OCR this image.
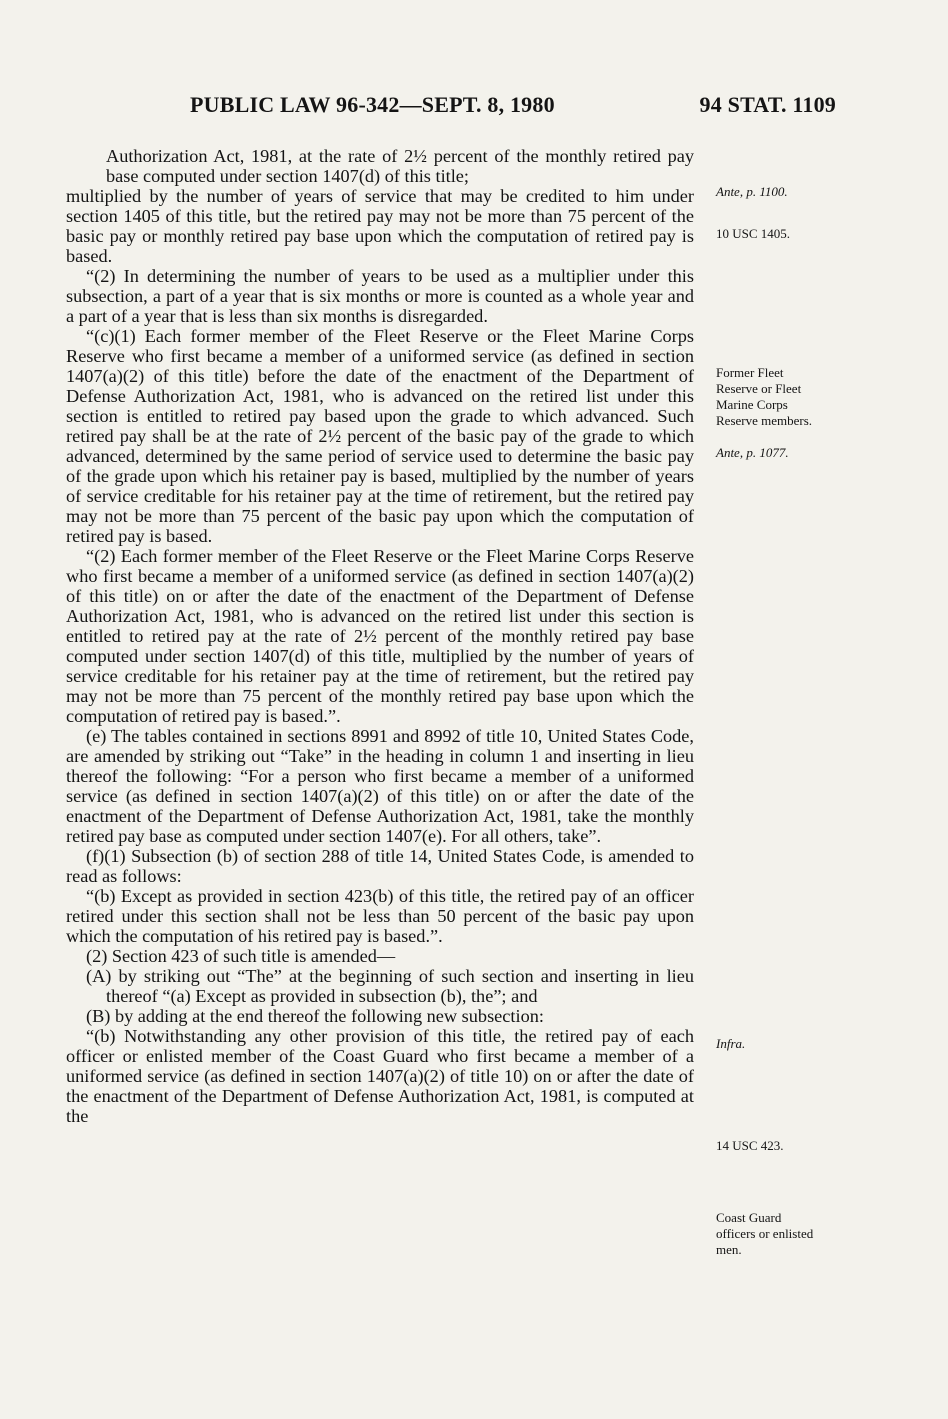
PUBLIC LAW 96-342—SEPT. 8, 1980	94 STAT. 1109

Authorization Act, 1981, at the rate of 2½ percent of the monthly retired pay base computed under section 1407(d) of this title;

multiplied by the number of years of service that may be credited to him under section 1405 of this title, but the retired pay may not be more than 75 percent of the basic pay or monthly retired pay base upon which the computation of retired pay is based.

“(2) In determining the number of years to be used as a multiplier under this subsection, a part of a year that is six months or more is counted as a whole year and a part of a year that is less than six months is disregarded.

“(c)(1) Each former member of the Fleet Reserve or the Fleet Marine Corps Reserve who first became a member of a uniformed service (as defined in section 1407(a)(2) of this title) before the date of the enactment of the Department of Defense Authorization Act, 1981, who is advanced on the retired list under this section is entitled to retired pay based upon the grade to which advanced. Such retired pay shall be at the rate of 2½ percent of the basic pay of the grade to which advanced, determined by the same period of service used to determine the basic pay of the grade upon which his retainer pay is based, multiplied by the number of years of service creditable for his retainer pay at the time of retirement, but the retired pay may not be more than 75 percent of the basic pay upon which the computation of retired pay is based.

“(2) Each former member of the Fleet Reserve or the Fleet Marine Corps Reserve who first became a member of a uniformed service (as defined in section 1407(a)(2) of this title) on or after the date of the enactment of the Department of Defense Authorization Act, 1981, who is advanced on the retired list under this section is entitled to retired pay at the rate of 2½ percent of the monthly retired pay base computed under section 1407(d) of this title, multiplied by the number of years of service creditable for his retainer pay at the time of retirement, but the retired pay may not be more than 75 percent of the monthly retired pay base upon which the computation of retired pay is based.”.

(e) The tables contained in sections 8991 and 8992 of title 10, United States Code, are amended by striking out “Take” in the heading in column 1 and inserting in lieu thereof the following: “For a person who first became a member of a uniformed service (as defined in section 1407(a)(2) of this title) on or after the date of the enactment of the Department of Defense Authorization Act, 1981, take the monthly retired pay base as computed under section 1407(e). For all others, take”.

(f)(1) Subsection (b) of section 288 of title 14, United States Code, is amended to read as follows:

“(b) Except as provided in section 423(b) of this title, the retired pay of an officer retired under this section shall not be less than 50 percent of the basic pay upon which the computation of his retired pay is based.”.

(2) Section 423 of such title is amended—

(A) by striking out “The” at the beginning of such section and inserting in lieu thereof “(a) Except as provided in subsection (b), the”; and

(B) by adding at the end thereof the following new subsection:

“(b) Notwithstanding any other provision of this title, the retired pay of each officer or enlisted member of the Coast Guard who first became a member of a uniformed service (as defined in section 1407(a)(2) of title 10) on or after the date of the enactment of the Department of Defense Authorization Act, 1981, is computed at the

Ante, p. 1100.
10 USC 1405.
Former Fleet Reserve or Fleet Marine Corps Reserve members.
Ante, p. 1077.
Infra.
14 USC 423.
Coast Guard officers or enlisted men.
